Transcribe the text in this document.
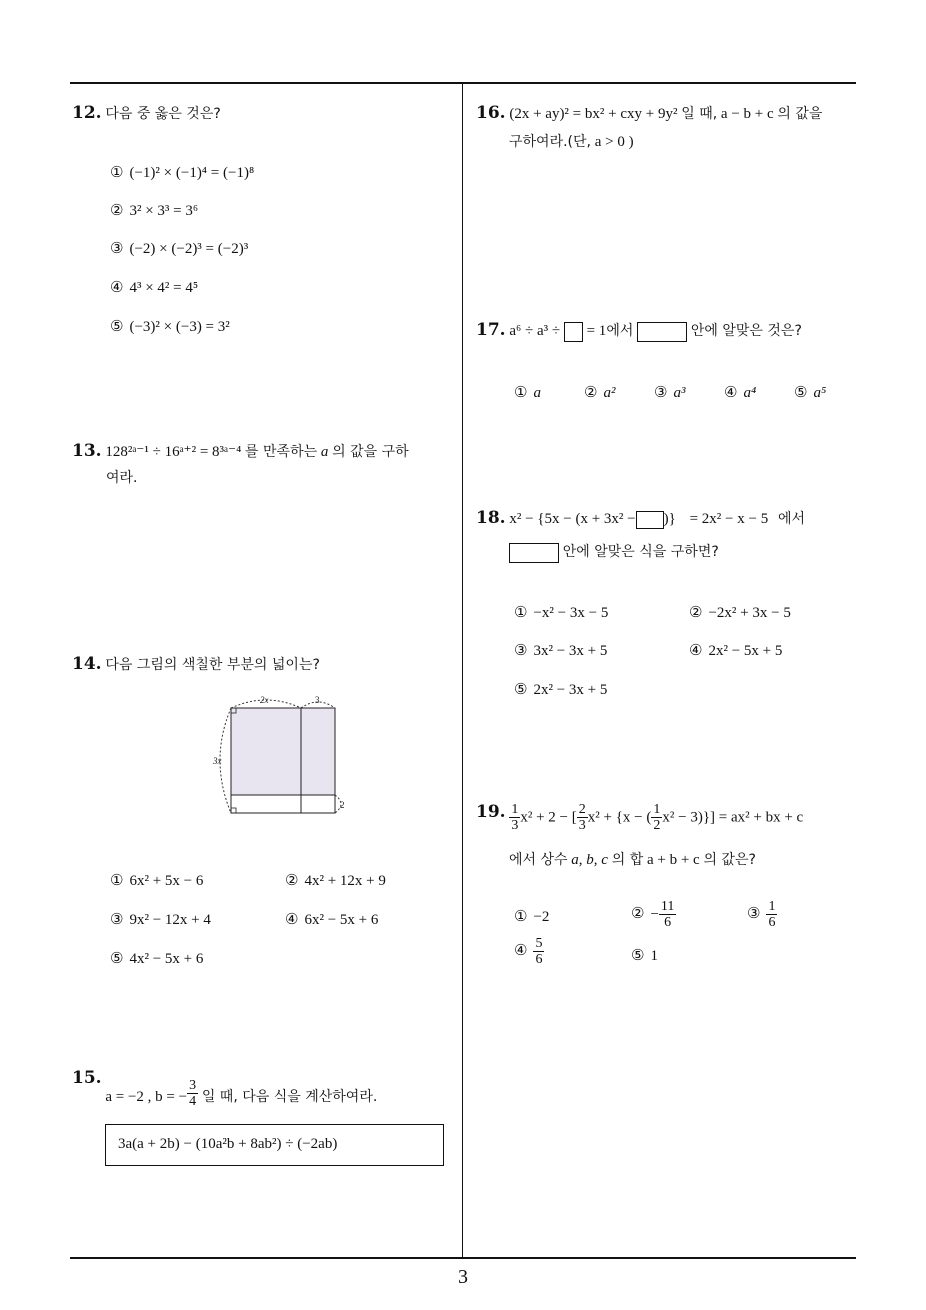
12. 다음 중 옳은 것은?
① (−1)² × (−1)⁴ = (−1)⁸
② 3² × 3³ = 3⁶
③ (−2) × (−2)³ = (−2)³
④ 4³ × 4² = 4⁵
⑤ (−3)² × (−3) = 3²
13. 128²ᵃ⁻¹ ÷ 16ᵃ⁺² = 8³ᵃ⁻⁴ 를 만족하는 a 의 값을 구하
여라.
14. 다음 그림의 색칠한 부분의 넓이는?
2x	3
3x
2
① 6x² + 5x − 6	② 4x² + 12x + 9
③ 9x² − 12x + 4	④ 6x² − 5x + 6
⑤ 4x² − 5x + 6
15. a = −2 , b = − $\frac{3}{4}$ 일 때, 다음 식을 계산하여라.
3a(a + 2b) − (10a²b + 8ab²) ÷ (−2ab)
16. (2x + ay)² = bx² + cxy + 9y² 일 때, a − b + c 의 값을
구하여라.(단, a > 0 )
17. a⁶ ÷ a³ ÷ = 1에서	안에 알맞은 것은?
① a	② a²	③ a³	④ a⁴	⑤ a⁵
18. x² − {5x − (x + 3x² − )} = 2x² − x − 5 에서
안에 알맞은 식을 구하면?
① −x² − 3x − 5	② −2x² + 3x − 5
③ 3x² − 3x + 5	④ 2x² − 5x + 5
⑤ 2x² − 3x + 5
19. $\frac{1}{3} x^2 + 2$ − [ $\frac{2}{3} x^2 + \{x$ − ( $\frac{1}{2} x^2 - 3)\}] = ax^2$ + bx + c
에서 상수 a, b, c 의 합 a + b + c 의 값은?
① −2	② − $\frac{11}{6}$	③ $\frac{1}{6}$
④ $\frac{5}{6}$	⑤ 1
3
